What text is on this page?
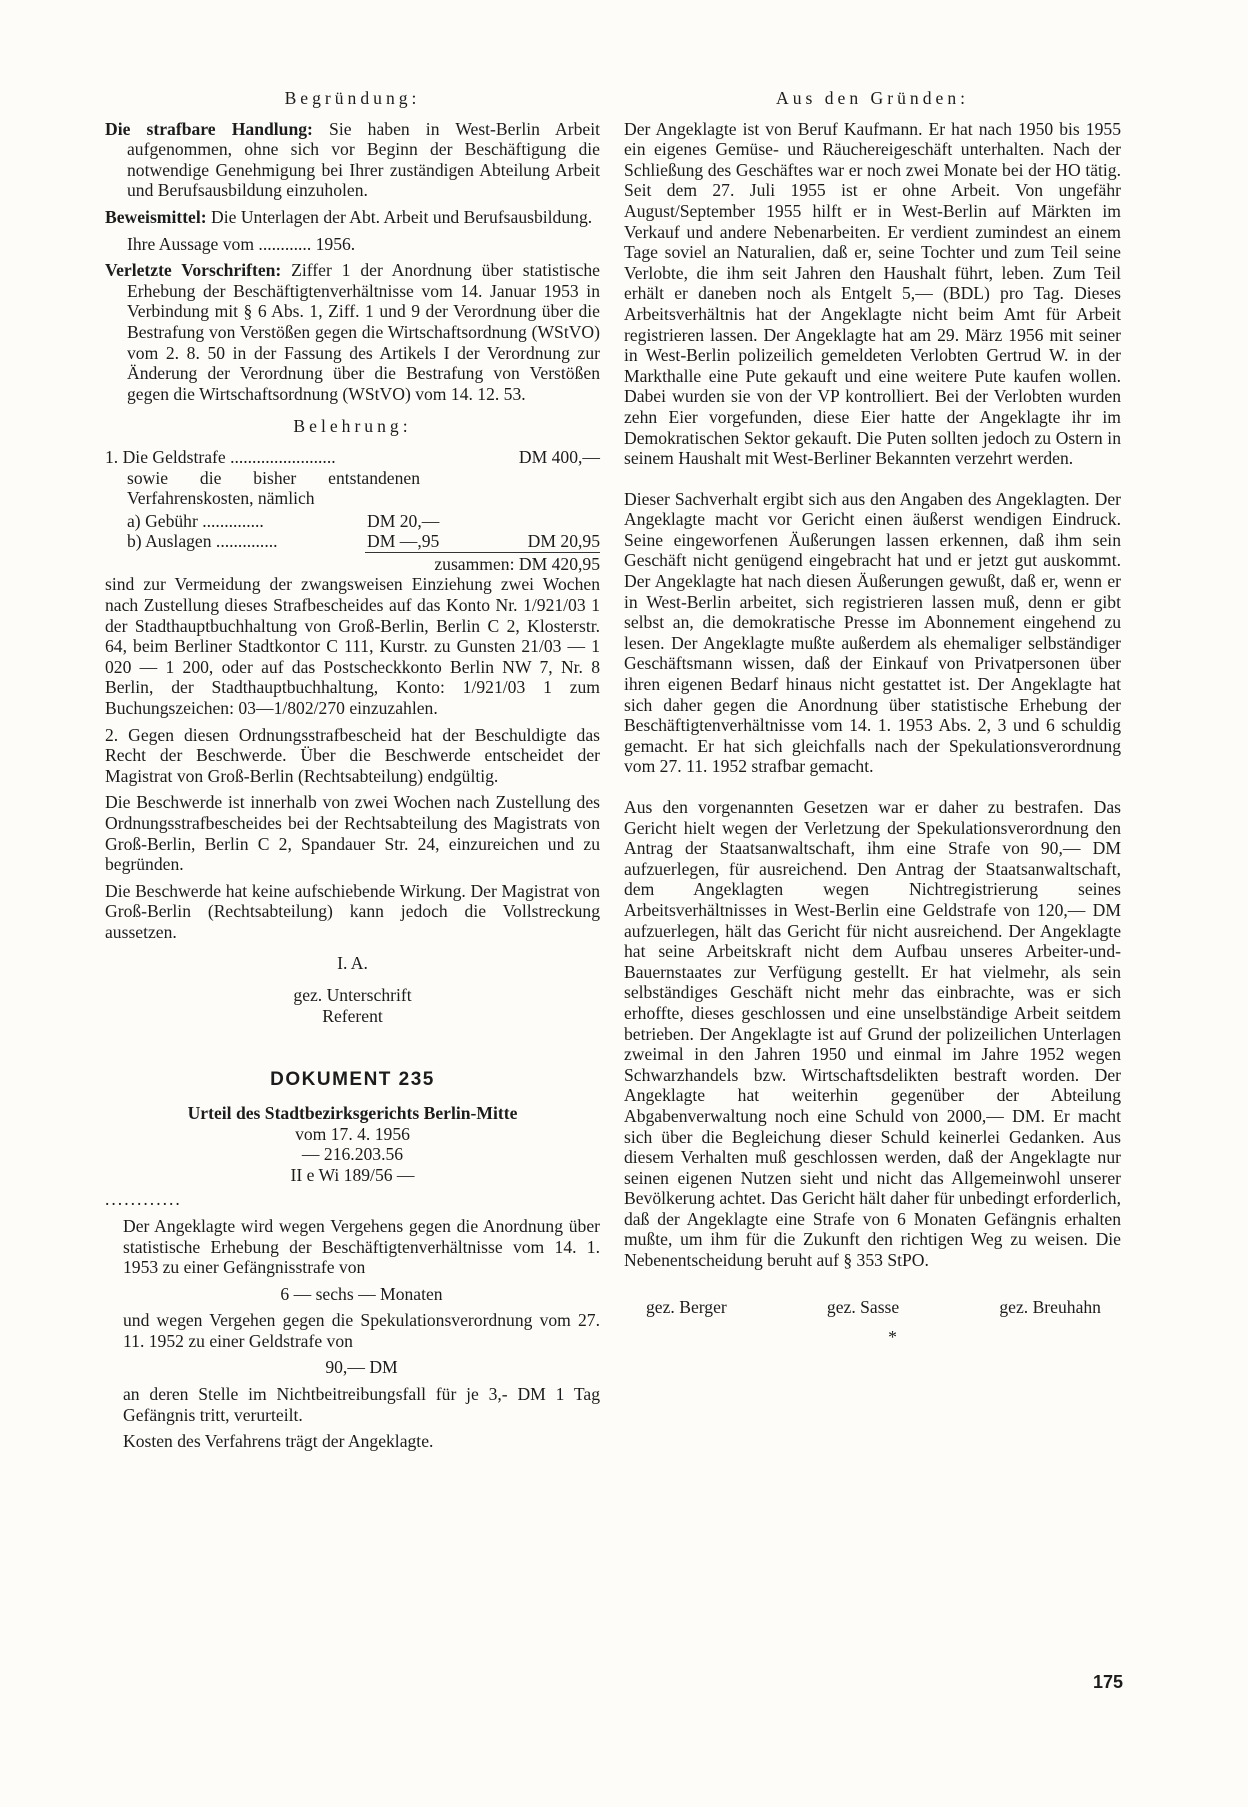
Begründung:

Die strafbare Handlung: Sie haben in West-Berlin Arbeit aufgenommen, ohne sich vor Beginn der Beschäftigung die notwendige Genehmigung bei Ihrer zuständigen Abteilung Arbeit und Berufsausbildung einzuholen.

Beweismittel: Die Unterlagen der Abt. Arbeit und Berufsausbildung.

Ihre Aussage vom ............ 1956.

Verletzte Vorschriften: Ziffer 1 der Anordnung über statistische Erhebung der Beschäftigtenverhältnisse vom 14. Januar 1953 in Verbindung mit § 6 Abs. 1, Ziff. 1 und 9 der Verordnung über die Bestrafung von Verstößen gegen die Wirtschaftsordnung (WStVO) vom 2. 8. 50 in der Fassung des Artikels I der Verordnung zur Änderung der Verordnung über die Bestrafung von Verstößen gegen die Wirtschaftsordnung (WStVO) vom 14. 12. 53.

Belehrung:

1. Die Geldstrafe ........................	DM 400,—

sowie die bisher entstandenen Verfahrenskosten, nämlich

a) Gebühr ..............	DM 20,—
b) Auslagen ..............	DM —,95	DM 20,95
zusammen: DM 420,95

sind zur Vermeidung der zwangsweisen Einziehung zwei Wochen nach Zustellung dieses Strafbescheides auf das Konto Nr. 1/921/03 1 der Stadthauptbuchhaltung von Groß-Berlin, Berlin C 2, Klosterstr. 64, beim Berliner Stadtkontor C 111, Kurstr. zu Gunsten 21/03 — 1 020 — 1 200, oder auf das Postscheckkonto Berlin NW 7, Nr. 8 Berlin, der Stadthauptbuchhaltung, Konto: 1/921/03 1 zum Buchungszeichen: 03—1/802/270 einzuzahlen.

2. Gegen diesen Ordnungsstrafbescheid hat der Beschuldigte das Recht der Beschwerde. Über die Beschwerde entscheidet der Magistrat von Groß-Berlin (Rechtsabteilung) endgültig.

Die Beschwerde ist innerhalb von zwei Wochen nach Zustellung des Ordnungsstrafbescheides bei der Rechtsabteilung des Magistrats von Groß-Berlin, Berlin C 2, Spandauer Str. 24, einzureichen und zu begründen.

Die Beschwerde hat keine aufschiebende Wirkung. Der Magistrat von Groß-Berlin (Rechtsabteilung) kann jedoch die Vollstreckung aussetzen.

I. A.

gez. Unterschrift

Referent

DOKUMENT 235

Urteil des Stadtbezirksgerichts Berlin-Mitte

vom 17. 4. 1956

— 216.203.56

II e Wi 189/56 —

............

Der Angeklagte wird wegen Vergehens gegen die Anordnung über statistische Erhebung der Beschäftigtenverhältnisse vom 14. 1. 1953 zu einer Gefängnisstrafe von

6 — sechs — Monaten

und wegen Vergehen gegen die Spekulationsverordnung vom 27. 11. 1952 zu einer Geldstrafe von

90,— DM

an deren Stelle im Nichtbeitreibungsfall für je 3,- DM 1 Tag Gefängnis tritt, verurteilt.

Kosten des Verfahrens trägt der Angeklagte.

Aus den Gründen:

Der Angeklagte ist von Beruf Kaufmann. Er hat nach 1950 bis 1955 ein eigenes Gemüse- und Räuchereigeschäft unterhalten. Nach der Schließung des Geschäftes war er noch zwei Monate bei der HO tätig. Seit dem 27. Juli 1955 ist er ohne Arbeit. Von ungefähr August/September 1955 hilft er in West-Berlin auf Märkten im Verkauf und andere Nebenarbeiten. Er verdient zumindest an einem Tage soviel an Naturalien, daß er, seine Tochter und zum Teil seine Verlobte, die ihm seit Jahren den Haushalt führt, leben. Zum Teil erhält er daneben noch als Entgelt 5,— (BDL) pro Tag. Dieses Arbeitsverhältnis hat der Angeklagte nicht beim Amt für Arbeit registrieren lassen. Der Angeklagte hat am 29. März 1956 mit seiner in West-Berlin polizeilich gemeldeten Verlobten Gertrud W. in der Markthalle eine Pute gekauft und eine weitere Pute kaufen wollen. Dabei wurden sie von der VP kontrolliert. Bei der Verlobten wurden zehn Eier vorgefunden, diese Eier hatte der Angeklagte ihr im Demokratischen Sektor gekauft. Die Puten sollten jedoch zu Ostern in seinem Haushalt mit West-Berliner Bekannten verzehrt werden.

Dieser Sachverhalt ergibt sich aus den Angaben des Angeklagten. Der Angeklagte macht vor Gericht einen äußerst wendigen Eindruck. Seine eingeworfenen Äußerungen lassen erkennen, daß ihm sein Geschäft nicht genügend eingebracht hat und er jetzt gut auskommt. Der Angeklagte hat nach diesen Äußerungen gewußt, daß er, wenn er in West-Berlin arbeitet, sich registrieren lassen muß, denn er gibt selbst an, die demokratische Presse im Abonnement eingehend zu lesen. Der Angeklagte mußte außerdem als ehemaliger selbständiger Geschäftsmann wissen, daß der Einkauf von Privatpersonen über ihren eigenen Bedarf hinaus nicht gestattet ist. Der Angeklagte hat sich daher gegen die Anordnung über statistische Erhebung der Beschäftigtenverhältnisse vom 14. 1. 1953 Abs. 2, 3 und 6 schuldig gemacht. Er hat sich gleichfalls nach der Spekulationsverordnung vom 27. 11. 1952 strafbar gemacht.

Aus den vorgenannten Gesetzen war er daher zu bestrafen. Das Gericht hielt wegen der Verletzung der Spekulationsverordnung den Antrag der Staatsanwaltschaft, ihm eine Strafe von 90,— DM aufzuerlegen, für ausreichend. Den Antrag der Staatsanwaltschaft, dem Angeklagten wegen Nichtregistrierung seines Arbeitsverhältnisses in West-Berlin eine Geldstrafe von 120,— DM aufzuerlegen, hält das Gericht für nicht ausreichend. Der Angeklagte hat seine Arbeitskraft nicht dem Aufbau unseres Arbeiter-und-Bauernstaates zur Verfügung gestellt. Er hat vielmehr, als sein selbständiges Geschäft nicht mehr das einbrachte, was er sich erhoffte, dieses geschlossen und eine unselbständige Arbeit seitdem betrieben. Der Angeklagte ist auf Grund der polizeilichen Unterlagen zweimal in den Jahren 1950 und einmal im Jahre 1952 wegen Schwarzhandels bzw. Wirtschaftsdelikten bestraft worden. Der Angeklagte hat weiterhin gegenüber der Abteilung Abgabenverwaltung noch eine Schuld von 2000,— DM. Er macht sich über die Begleichung dieser Schuld keinerlei Gedanken. Aus diesem Verhalten muß geschlossen werden, daß der Angeklagte nur seinen eigenen Nutzen sieht und nicht das Allgemeinwohl unserer Bevölkerung achtet. Das Gericht hält daher für unbedingt erforderlich, daß der Angeklagte eine Strafe von 6 Monaten Gefängnis erhalten mußte, um ihm für die Zukunft den richtigen Weg zu weisen. Die Nebenentscheidung beruht auf § 353 StPO.

gez. Berger	gez. Sasse	gez. Breuhahn
*
175
